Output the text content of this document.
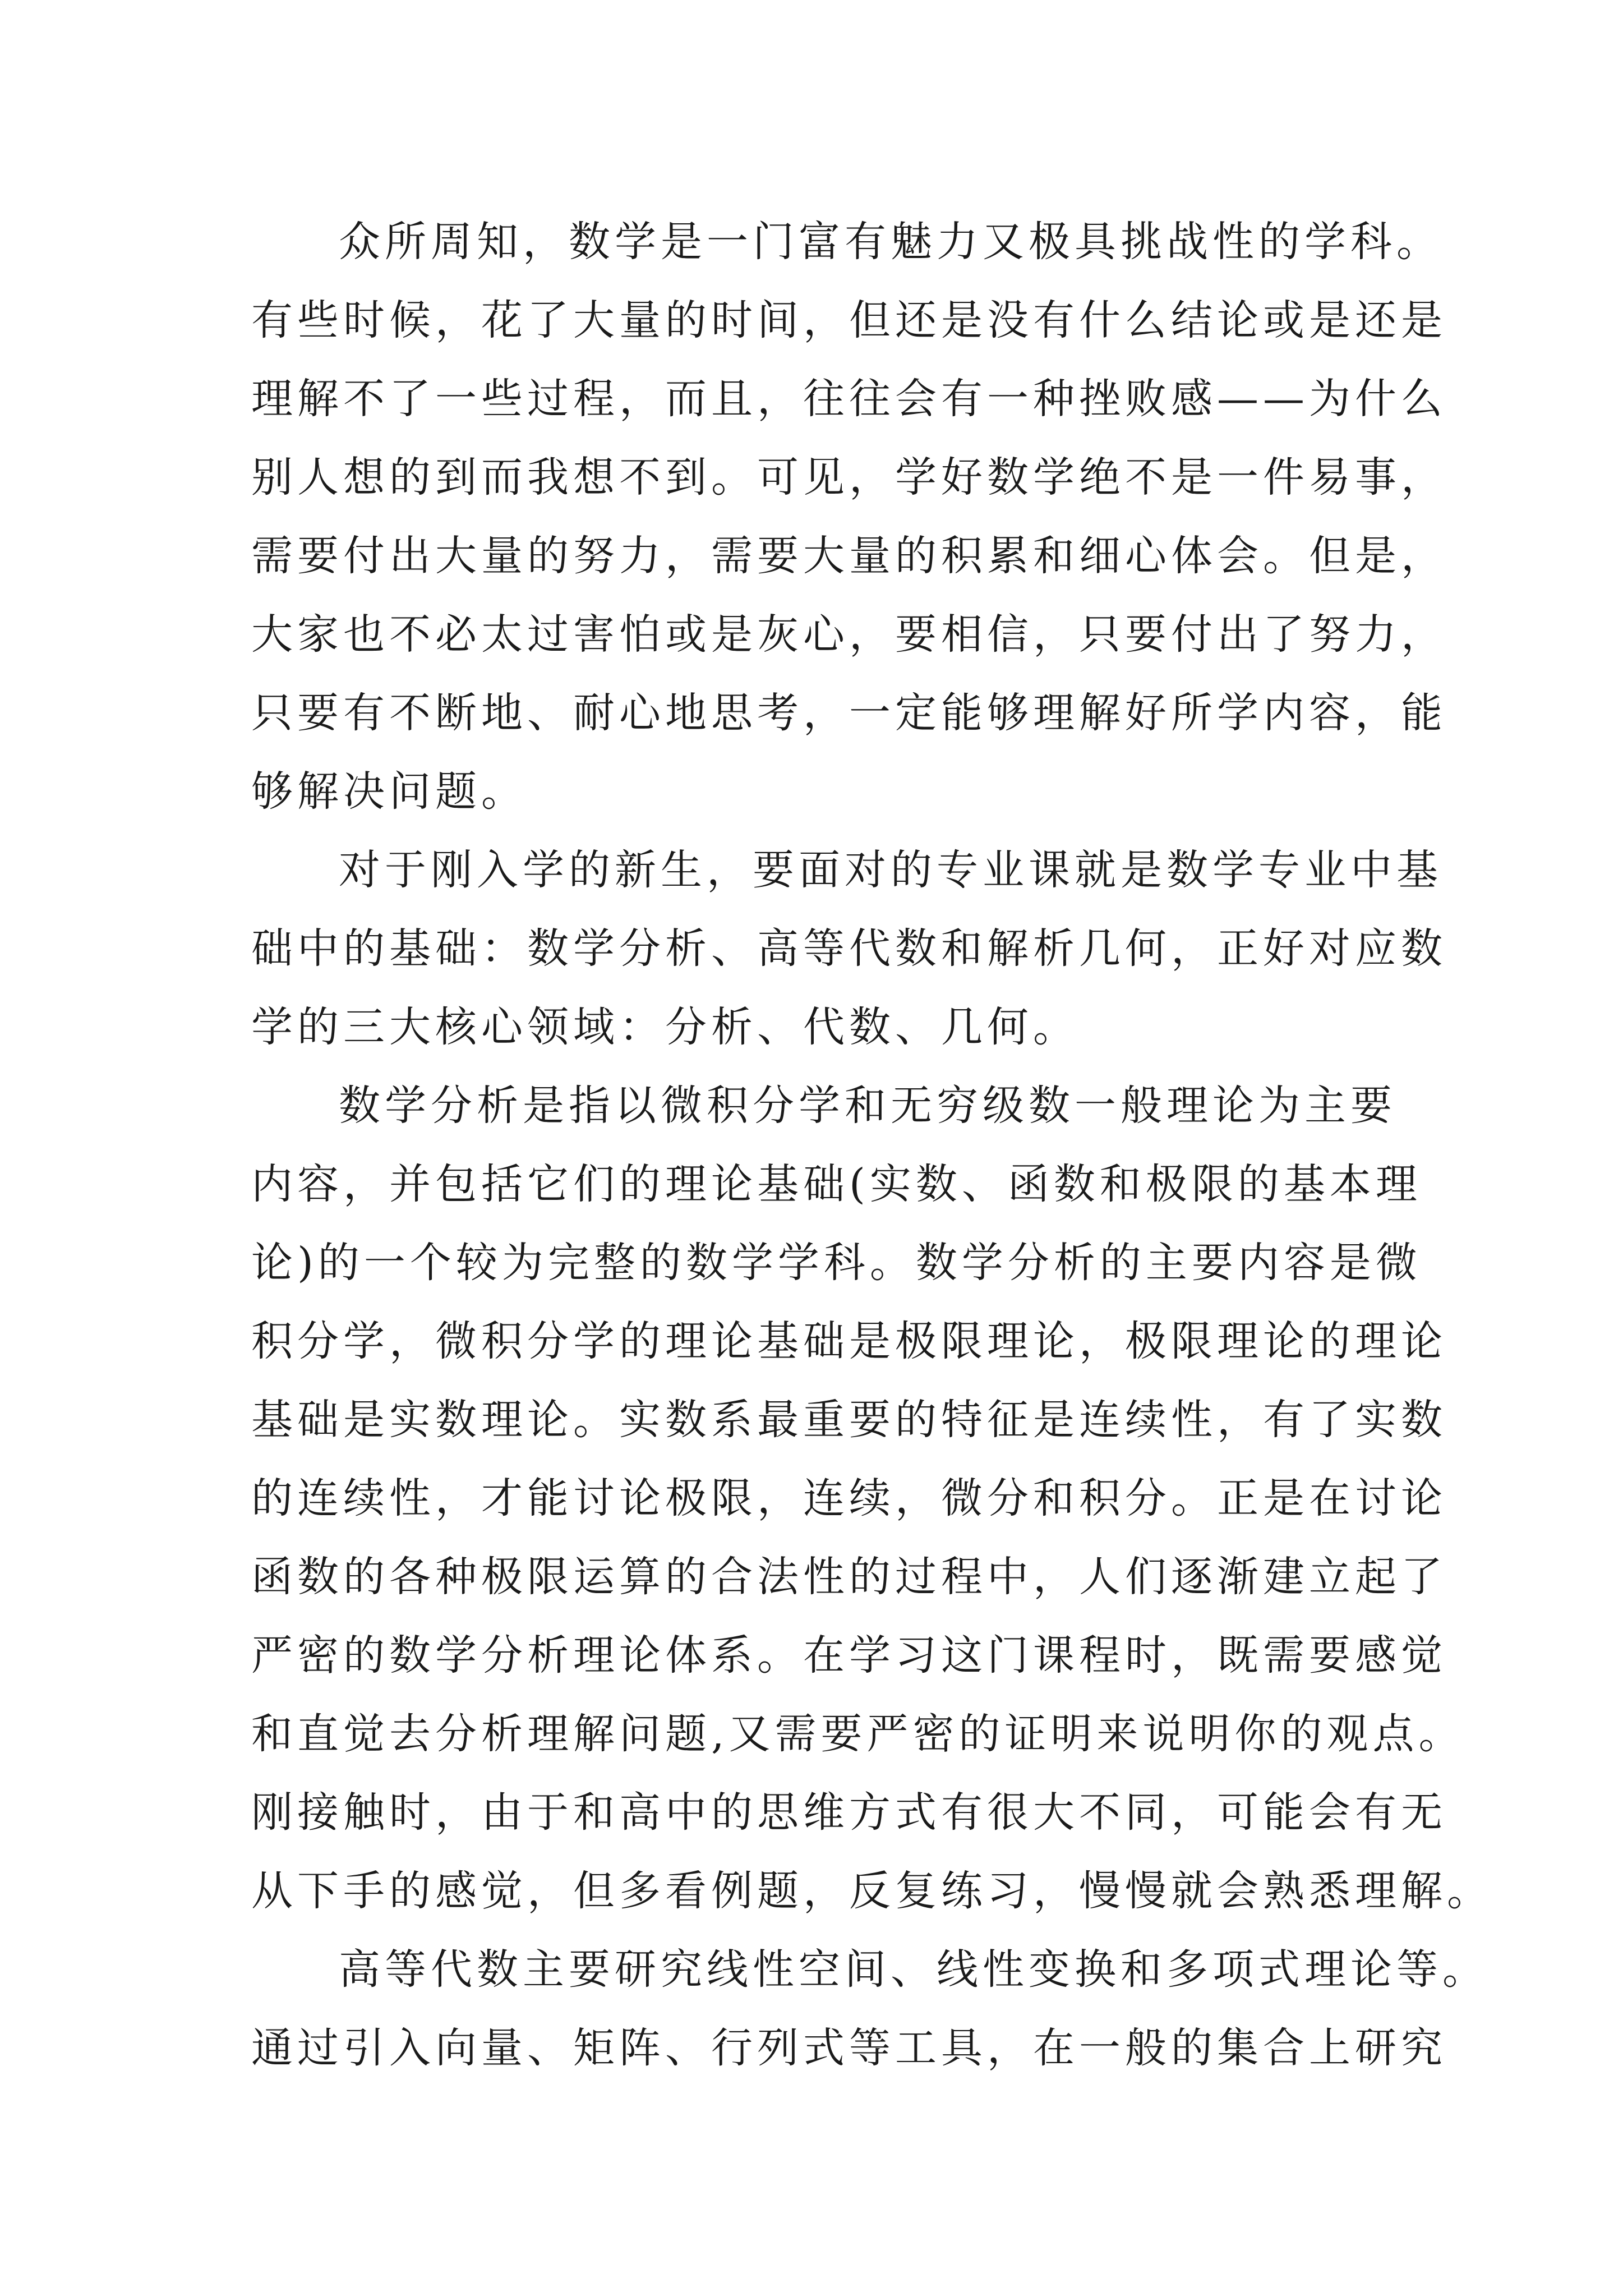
众所周知，数学是一门富有魅力又极具挑战性的学科。
有些时候，花了大量的时间，但还是没有什么结论或是还是
理解不了一些过程，而且，往往会有一种挫败感——为什么
别人想的到而我想不到。可见，学好数学绝不是一件易事，
需要付出大量的努力，需要大量的积累和细心体会。但是，
大家也不必太过害怕或是灰心，要相信，只要付出了努力，
只要有不断地、耐心地思考，一定能够理解好所学内容，能
够解决问题。
对于刚入学的新生，要面对的专业课就是数学专业中基
础中的基础：数学分析、高等代数和解析几何，正好对应数
学的三大核心领域：分析、代数、几何。
数学分析是指以微积分学和无穷级数一般理论为主要
内容，并包括它们的理论基础(实数、函数和极限的基本理
论)的一个较为完整的数学学科。数学分析的主要内容是微
积分学，微积分学的理论基础是极限理论，极限理论的理论
基础是实数理论。实数系最重要的特征是连续性，有了实数
的连续性，才能讨论极限，连续，微分和积分。正是在讨论
函数的各种极限运算的合法性的过程中，人们逐渐建立起了
严密的数学分析理论体系。在学习这门课程时，既需要感觉
和直觉去分析理解问题,又需要严密的证明来说明你的观点。
刚接触时，由于和高中的思维方式有很大不同，可能会有无
从下手的感觉，但多看例题，反复练习，慢慢就会熟悉理解。
高等代数主要研究线性空间、线性变换和多项式理论等。
通过引入向量、矩阵、行列式等工具，在一般的集合上研究
